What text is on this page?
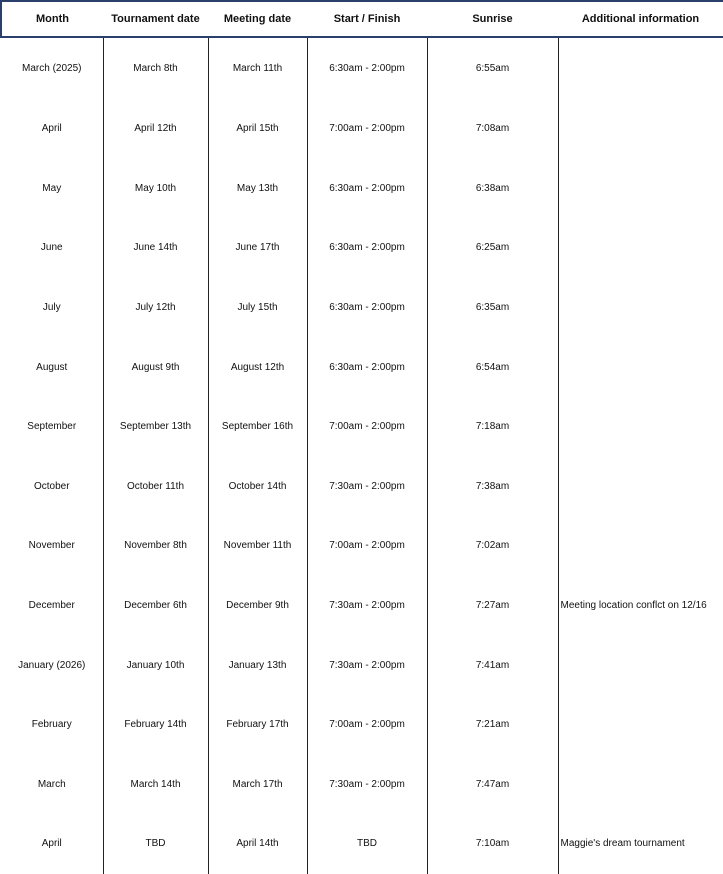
Month	Tournament date	Meeting date	Start / Finish	Sunrise	Additional information
March (2025)	March 8th	March 11th	6:30am - 2:00pm	6:55am	
April	April 12th	April 15th	7:00am - 2:00pm	7:08am	
May	May 10th	May 13th	6:30am - 2:00pm	6:38am	
June	June 14th	June 17th	6:30am - 2:00pm	6:25am	
July	July 12th	July 15th	6:30am - 2:00pm	6:35am	
August	August 9th	August 12th	6:30am - 2:00pm	6:54am	
September	September 13th	September 16th	7:00am - 2:00pm	7:18am	
October	October 11th	October 14th	7:30am - 2:00pm	7:38am	
November	November 8th	November 11th	7:00am - 2:00pm	7:02am	
December	December 6th	December 9th	7:30am - 2:00pm	7:27am	Meeting location conflct on 12/16
January (2026)	January 10th	January 13th	7:30am - 2:00pm	7:41am	
February	February 14th	February 17th	7:00am - 2:00pm	7:21am	
March	March 14th	March 17th	7:30am - 2:00pm	7:47am	
April	TBD	April 14th	TBD	7:10am	Maggie's dream tournament
